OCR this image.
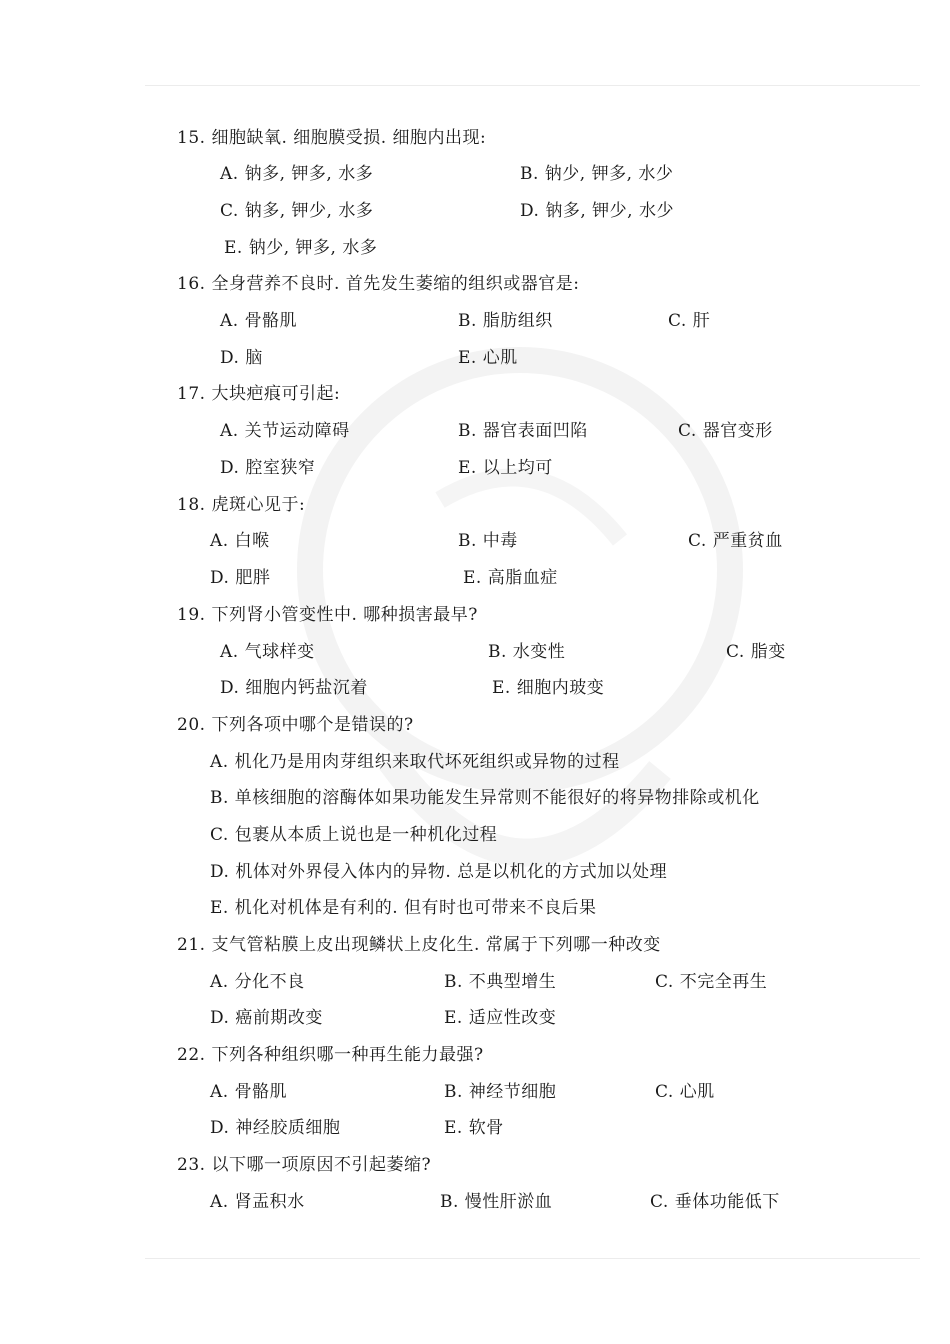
15. 细胞缺氧. 细胞膜受损. 细胞内出现:
A. 钠多, 钾多, 水多	B. 钠少, 钾多, 水少
C. 钠多, 钾少, 水多	D. 钠多, 钾少, 水少
E. 钠少, 钾多, 水多
16. 全身营养不良时. 首先发生萎缩的组织或器官是:
A. 骨骼肌	B. 脂肪组织	C. 肝
D. 脑	E. 心肌
17. 大块疤痕可引起:
A. 关节运动障碍	B. 器官表面凹陷	C. 器官变形
D. 腔室狭窄	E. 以上均可
18. 虎斑心见于:
A. 白喉	B. 中毒	C. 严重贫血
D. 肥胖	E. 高脂血症
19. 下列肾小管变性中. 哪种损害最早?
A. 气球样变	B. 水变性	C. 脂变
D. 细胞内钙盐沉着	E. 细胞内玻变
20. 下列各项中哪个是错误的?
A. 机化乃是用肉芽组织来取代坏死组织或异物的过程
B. 单核细胞的溶酶体如果功能发生异常则不能很好的将异物排除或机化
C. 包裹从本质上说也是一种机化过程
D. 机体对外界侵入体内的异物. 总是以机化的方式加以处理
E. 机化对机体是有利的. 但有时也可带来不良后果
21. 支气管粘膜上皮出现鳞状上皮化生. 常属于下列哪一种改变
A. 分化不良	B. 不典型增生	C. 不完全再生
D. 癌前期改变	E. 适应性改变
22. 下列各种组织哪一种再生能力最强?
A. 骨骼肌	B. 神经节细胞	C. 心肌
D. 神经胶质细胞	E. 软骨
23. 以下哪一项原因不引起萎缩?
A. 肾盂积水	B. 慢性肝淤血	C. 垂体功能低下
